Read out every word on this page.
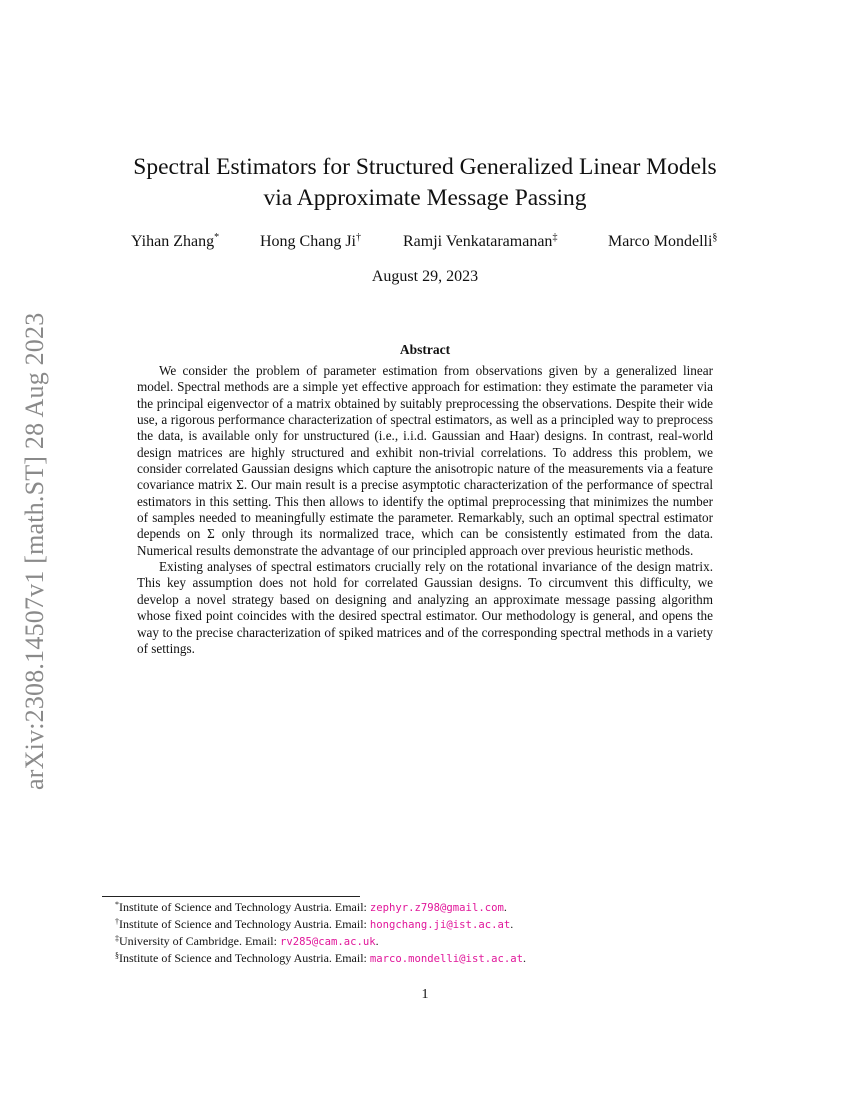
arXiv:2308.14507v1 [math.ST] 28 Aug 2023
Spectral Estimators for Structured Generalized Linear Models
via Approximate Message Passing
Yihan Zhang*	Hong Chang Ji†	Ramji Venkataramanan‡	Marco Mondelli§
August 29, 2023
Abstract

We consider the problem of parameter estimation from observations given by a generalized linear model. Spectral methods are a simple yet effective approach for estimation: they estimate the parameter via the principal eigenvector of a matrix obtained by suitably preprocessing the observations. Despite their wide use, a rigorous performance characterization of spectral estimators, as well as a principled way to preprocess the data, is available only for unstructured (i.e., i.i.d. Gaussian and Haar) designs. In contrast, real-world design matrices are highly structured and exhibit non-trivial correlations. To address this problem, we consider correlated Gaussian designs which capture the anisotropic nature of the measurements via a feature covariance matrix Σ. Our main result is a precise asymptotic characterization of the performance of spectral estimators in this setting. This then allows to identify the optimal preprocessing that minimizes the number of samples needed to meaningfully estimate the parameter. Remarkably, such an optimal spectral estimator depends on Σ only through its normalized trace, which can be consistently estimated from the data. Numerical results demonstrate the advantage of our principled approach over previous heuristic methods.

Existing analyses of spectral estimators crucially rely on the rotational invariance of the design matrix. This key assumption does not hold for correlated Gaussian designs. To circumvent this difficulty, we develop a novel strategy based on designing and analyzing an approximate message passing algorithm whose fixed point coincides with the desired spectral estimator. Our methodology is general, and opens the way to the precise characterization of spiked matrices and of the corresponding spectral methods in a variety of settings.

*Institute of Science and Technology Austria. Email: zephyr.z798@gmail.com.
†Institute of Science and Technology Austria. Email: hongchang.ji@ist.ac.at.
‡University of Cambridge. Email: rv285@cam.ac.uk.
§Institute of Science and Technology Austria. Email: marco.mondelli@ist.ac.at.
1
